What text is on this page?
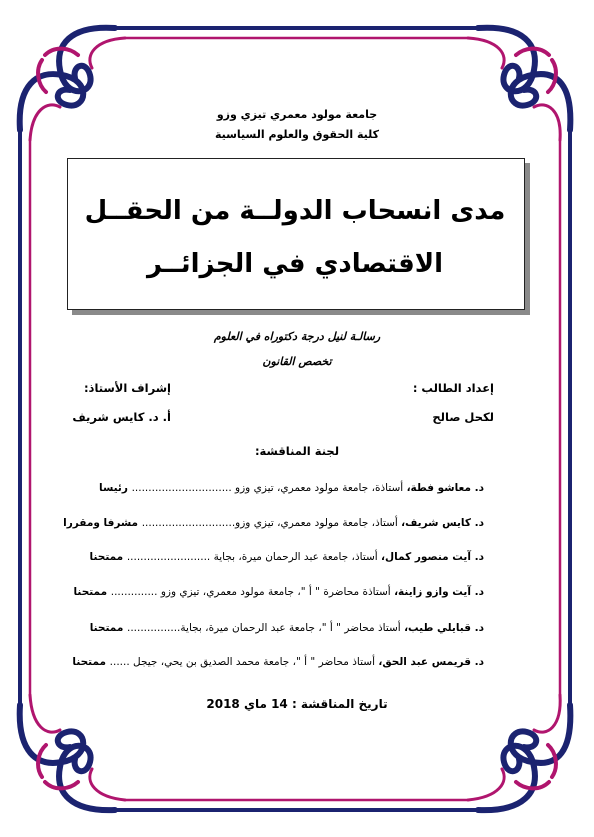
جامعة مولود معمري تيزي وزو
كلية الحقوق والعلوم السياسية
مدى انسحاب الدولــة من الحقــل
الاقتصادي في الجزائــر
رسالـة لنيل درجة دكتوراه في العلوم
تخصص القانون
إعداد الطالب :
إشراف الأستاذ:
لكحل صالح
أ. د. كايس شريف
لجنة المناقشة:
د. معاشو فطة، أستاذة، جامعة مولود معمري، تيزي وزو .............................. رئيسا
د. كايس شريف، أستاذ، جامعة مولود معمري، تيزي وزو............................ مشرفا ومقررا
د. آيت منصور كمال، أستاذ، جامعة عبد الرحمان ميرة، بجاية ......................... ممتحنا
د. آيت وازو زاينة، أستاذة محاضرة " أ "، جامعة مولود معمري، تيزي وزو .............. ممتحنا
د. قبايلي طيب، أستاذ محاضر " أ "، جامعة عبد الرحمان ميرة، بجاية................ ممتحنا
د. قريمس عبد الحق، أستاذ محاضر " أ "، جامعة محمد الصديق بن يحي، جيجل ...... ممتحنا
تاريخ المناقشة : 14 ماي 2018
